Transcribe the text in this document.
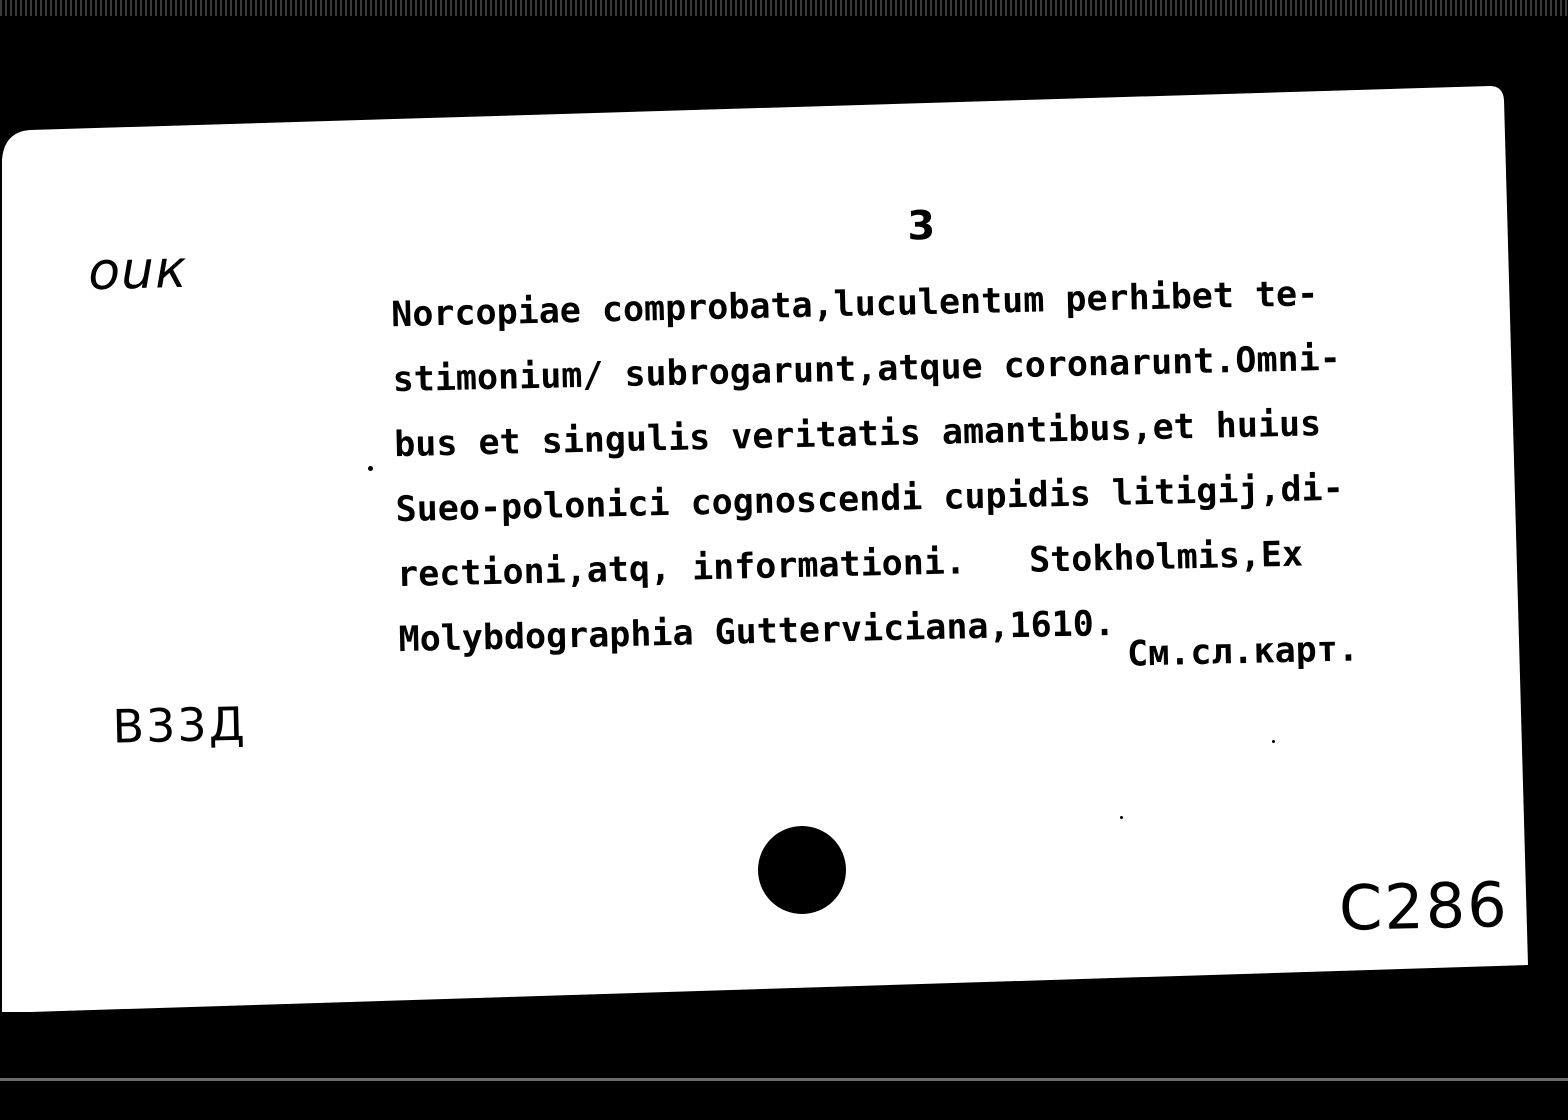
ouк
3
Norcopiae comprobata,luculentum perhibet te-
stimonium/ subrogarunt,atque coronarunt.Omni-
bus et singulis veritatis amantibus,et huius
Sueo-polonici cognoscendi cupidis litigij,di-
rectioni,atq, informationi.   Stokholmis,Ex
Molybdographia Gutterviciana,1610. См.сл.карт.
В33Д
С286
